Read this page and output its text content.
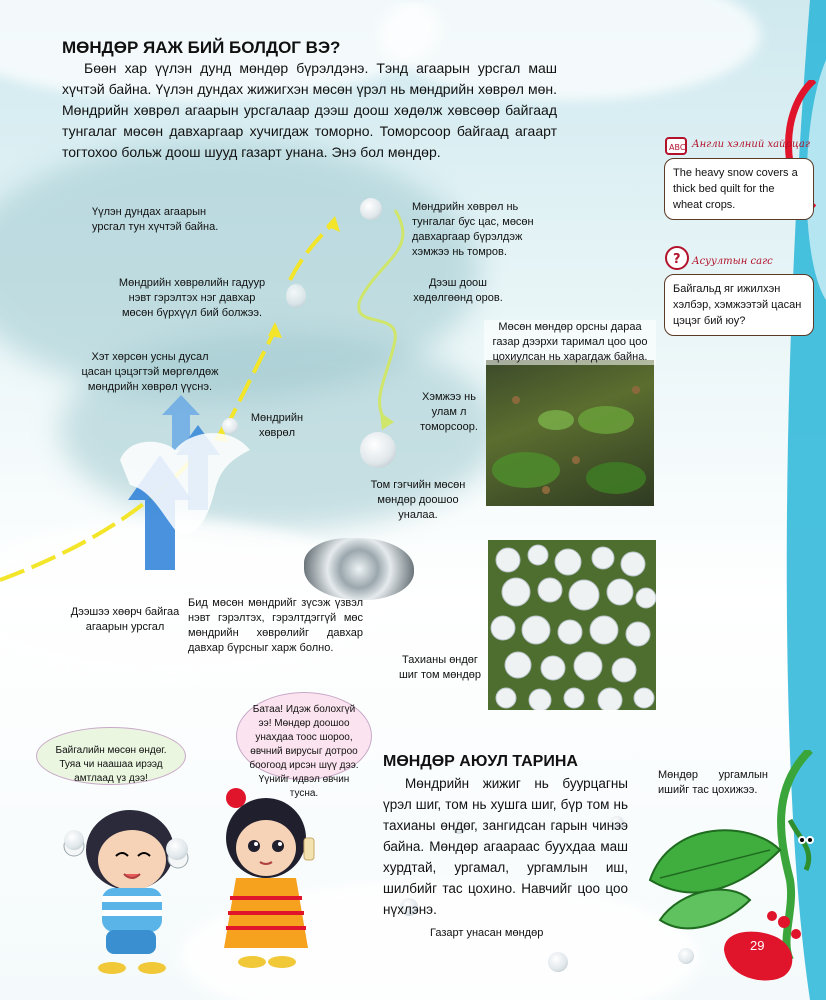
МӨНДӨР ЯАЖ БИЙ БОЛДОГ ВЭ?

Бөөн хар үүлэн дунд мөндөр бүрэлдэнэ. Тэнд агаарын урсгал маш хүчтэй байна. Үүлэн дундах жижигхэн мөсөн үрэл нь мөндрийн хөврөл мөн. Мөндрийн хөврөл агаарын урсгалаар дээш доош хөдөлж хөвсөөр байгаад тунгалаг мөсөн давхаргаар хучигдаж томорно. Томорсоор байгаад агаарт тогтохоо больж доош шууд газарт унана. Энэ бол мөндөр.	ABC Англи хэлний хайрцаг
The heavy snow covers a thick bed quilt for the wheat crops.
? Асуултын сагс
Байгальд яг ижилхэн хэлбэр, хэмжээтэй цасан цэцэг бий юу?
Үүлэн дундах агаарын урсгал тун хүчтэй байна.
Мөндрийн хөврөлийн гадуур нэвт гэрэлтэх нэг давхар мөсөн бүрхүүл бий болжээ.
Хэт хөрсөн усны дусал цасан цэцэгтэй мөргөлдөж мөндрийн хөврөл үүснэ.
Мөндрийн хөврөл
Мөндрийн хөврөл нь тунгалаг бус цас, мөсөн давхаргаар бүрэлдэж хэмжээ нь томров.
Дээш доош хөдөлгөөнд оров.
Хэмжээ нь улам л томорсоор.
Том гэгчийн мөсөн мөндөр доошоо уналаа.
Дээшээ хөөрч байгаа агаарын урсгал
Бид мөсөн мөндрийг зүсэж үзвэл нэвт гэрэлтэх, гэрэлтдэггүй мөс мөндрийн хөврөлийг давхар давхар бүрсныг харж болно.
Мөсөн мөндөр орсны дараа газар дээрхи таримал цоо цоо цохиулсан нь харагдаж байна.
Тахианы өндөг шиг том мөндөр
Байгалийн мөсөн өндөг. Туяа чи наашаа ирээд амтлаад үз дээ!
Батаа! Идэж болохгүй ээ! Мөндөр доошоо унахдаа тоос шороо, өвчний вирусыг дотроо боогоод ирсэн шүү дээ. Үүнийг идвэл өвчин тусна.
МӨНДӨР АЮУЛ ТАРИНА

Мөндрийн жижиг нь буурцагны үрэл шиг, том нь хушга шиг, бүр том нь тахианы өндөг, зангидсан гарын чинээ байна. Мөндөр агаараас буухдаа маш хурдтай, ургамал, ургамлын иш, шилбийг тас цохино. Навчийг цоо цоо нүхлэнэ.

Мөндөр ургамлын ишийг тас цохижээ.
Газарт унасан мөндөр
29
